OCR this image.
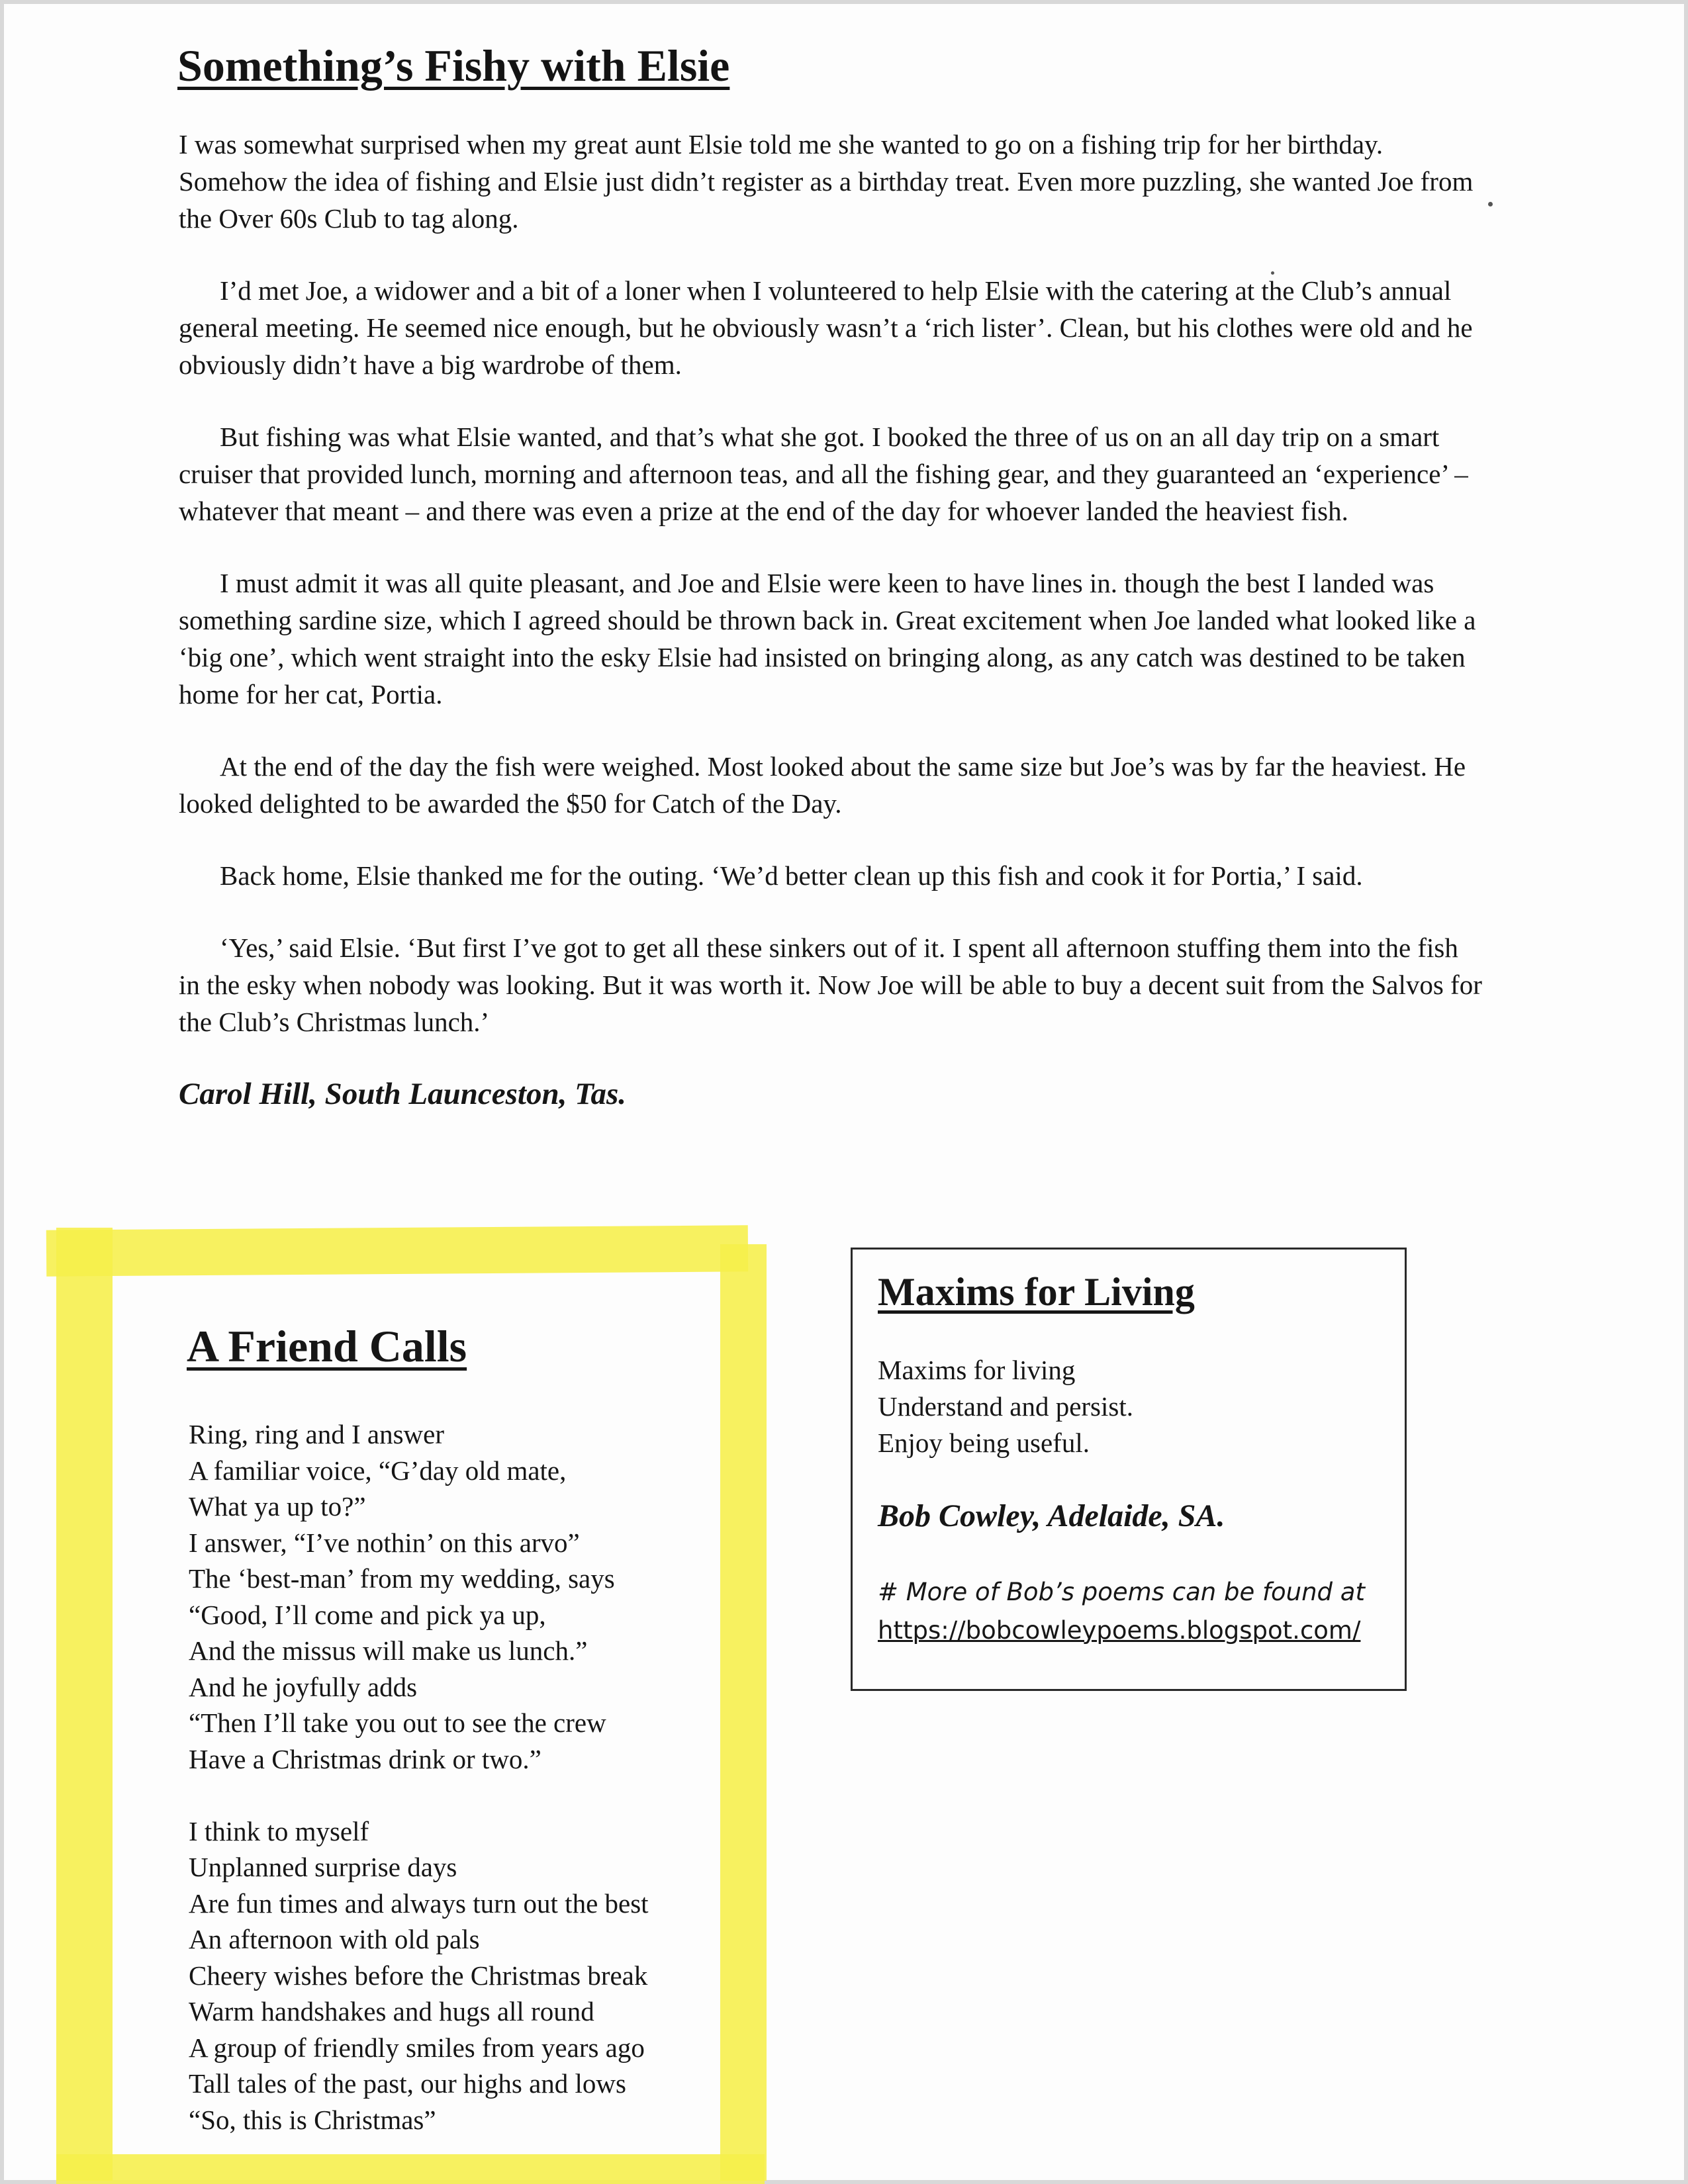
Something’s Fishy with Elsie

I was somewhat surprised when my great aunt Elsie told me she wanted to go on a fishing trip for her birthday. Somehow the idea of fishing and Elsie just didn’t register as a birthday treat. Even more puzzling, she wanted Joe from the Over 60s Club to tag along.

I’d met Joe, a widower and a bit of a loner when I volunteered to help Elsie with the catering at the Club’s annual general meeting. He seemed nice enough, but he obviously wasn’t a ‘rich lister’. Clean, but his clothes were old and he obviously didn’t have a big wardrobe of them.

But fishing was what Elsie wanted, and that’s what she got. I booked the three of us on an all day trip on a smart cruiser that provided lunch, morning and afternoon teas, and all the fishing gear, and they guaranteed an ‘experience’ – whatever that meant – and there was even a prize at the end of the day for whoever landed the heaviest fish.

I must admit it was all quite pleasant, and Joe and Elsie were keen to have lines in. though the best I landed was something sardine size, which I agreed should be thrown back in. Great excitement when Joe landed what looked like a ‘big one’, which went straight into the esky Elsie had insisted on bringing along, as any catch was destined to be taken home for her cat, Portia.

At the end of the day the fish were weighed. Most looked about the same size but Joe’s was by far the heaviest. He looked delighted to be awarded the $50 for Catch of the Day.

Back home, Elsie thanked me for the outing. ‘We’d better clean up this fish and cook it for Portia,’ I said.

‘Yes,’ said Elsie. ‘But first I’ve got to get all these sinkers out of it. I spent all afternoon stuffing them into the fish in the esky when nobody was looking. But it was worth it. Now Joe will be able to buy a decent suit from the Salvos for the Club’s Christmas lunch.’

Carol Hill, South Launceston, Tas.

A Friend Calls
Ring, ring and I answer
A familiar voice, “G’day old mate,
What ya up to?”
I answer, “I’ve nothin’ on this arvo”
The ‘best-man’ from my wedding, says
“Good, I’ll come and pick ya up,
And the missus will make us lunch.”
And he joyfully adds
“Then I’ll take you out to see the crew
Have a Christmas drink or two.”
I think to myself
Unplanned surprise days
Are fun times and always turn out the best
An afternoon with old pals
Cheery wishes before the Christmas break
Warm handshakes and hugs all round
A group of friendly smiles from years ago
Tall tales of the past, our highs and lows
“So, this is Christmas”
Maxims for Living
Maxims for living
Understand and persist.
Enjoy being useful.
Bob Cowley, Adelaide, SA.
# More of Bob’s poems can be found at
https://bobcowleypoems.blogspot.com/
